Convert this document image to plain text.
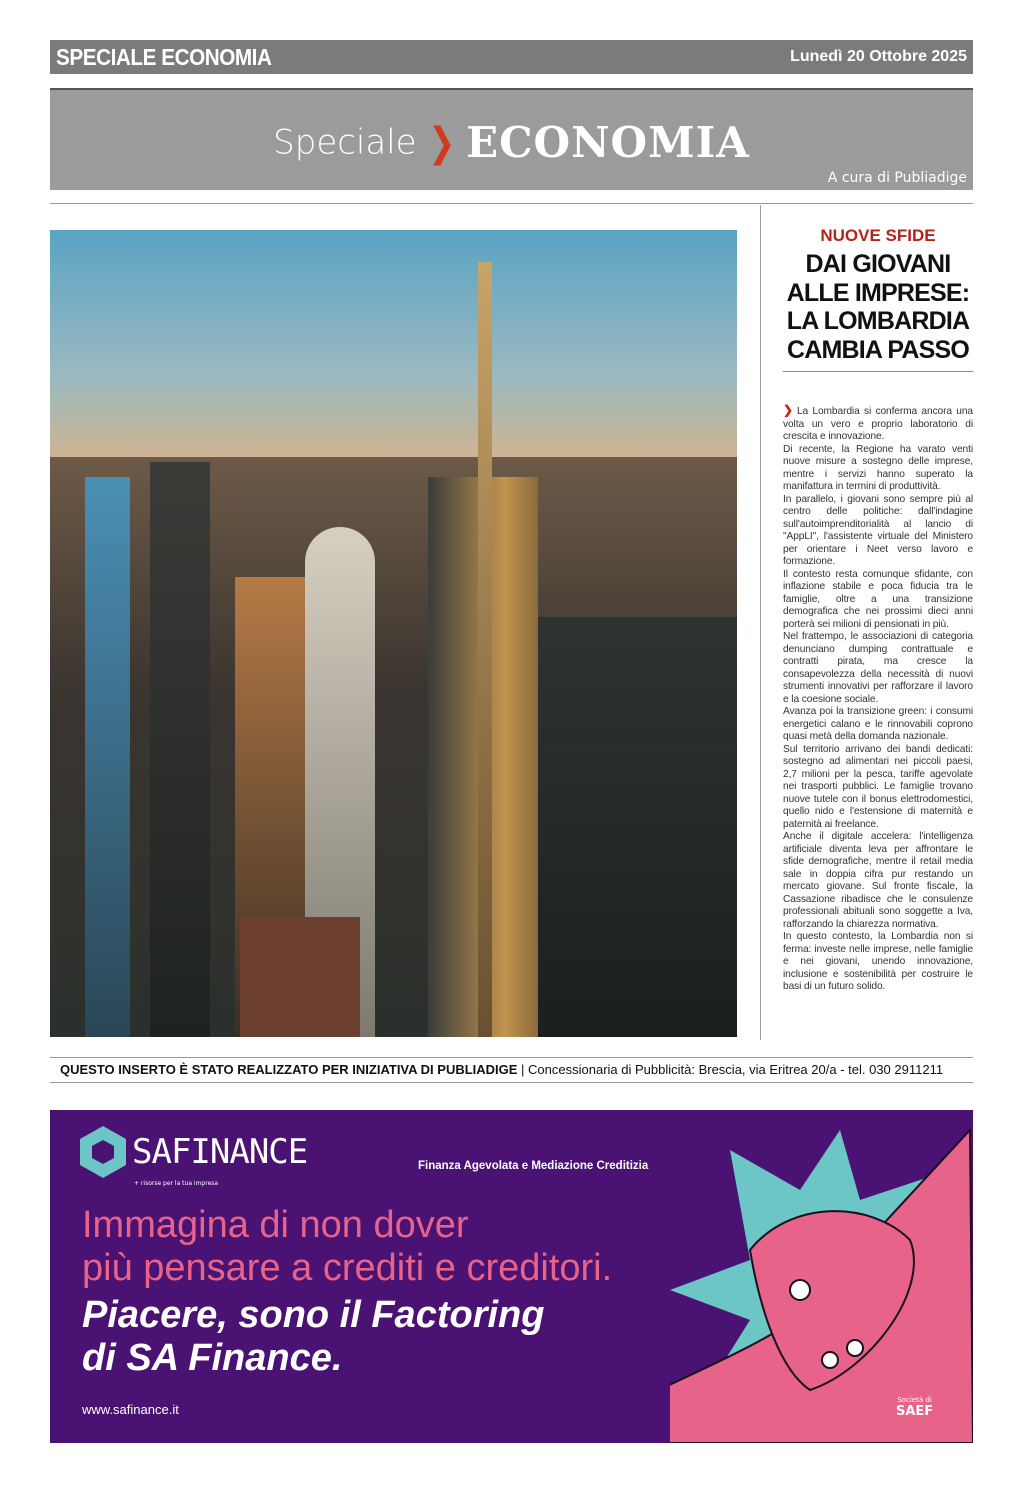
SPECIALE ECONOMIA	Lunedì 20 Ottobre 2025
Speciale ❯ ECONOMIA
A cura di Publiadige
NUOVE SFIDE
DAI GIOVANI ALLE IMPRESE: LA LOMBARDIA CAMBIA PASSO

❯ La Lombardia si conferma ancora una volta un vero e proprio laboratorio di crescita e innovazione.

Di recente, la Regione ha varato venti nuove misure a sostegno delle imprese, mentre i servizi hanno superato la manifattura in termini di produttività.

In parallelo, i giovani sono sempre più al centro delle politiche: dall'indagine sull'autoimprenditorialità al lancio di "AppLI", l'assistente virtuale del Ministero per orientare i Neet verso lavoro e formazione.

Il contesto resta comunque sfidante, con inflazione stabile e poca fiducia tra le famiglie, oltre a una transizione demografica che nei prossimi dieci anni porterà sei milioni di pensionati in più.

Nel frattempo, le associazioni di categoria denunciano dumping contrattuale e contratti pirata, ma cresce la consapevolezza della necessità di nuovi strumenti innovativi per rafforzare il lavoro e la coesione sociale.

Avanza poi la transizione green: i consumi energetici calano e le rinnovabili coprono quasi metà della domanda nazionale.

Sul territorio arrivano dei bandi dedicati: sostegno ad alimentari nei piccoli paesi, 2,7 milioni per la pesca, tariffe agevolate nei trasporti pubblici. Le famiglie trovano nuove tutele con il bonus elettrodomestici, quello nido e l'estensione di maternità e paternità ai freelance.

Anche il digitale accelera: l'intelligenza artificiale diventa leva per affrontare le sfide demografiche, mentre il retail media sale in doppia cifra pur restando un mercato giovane. Sul fronte fiscale, la Cassazione ribadisce che le consulenze professionali abituali sono soggette a Iva, rafforzando la chiarezza normativa.

In questo contesto, la Lombardia non si ferma: investe nelle imprese, nelle famiglie e nei giovani, unendo innovazione, inclusione e sostenibilità per costruire le basi di un futuro solido.

QUESTO INSERTO È STATO REALIZZATO PER INIZIATIVA DI PUBLIADIGE | Concessionaria di Pubblicità: Brescia, via Eritrea 20/a - tel. 030 2911211
SAFINANCE
+ risorse per la tua impresa
Finanza Agevolata e Mediazione Creditizia
Immagina di non dover
più pensare a crediti e creditori.
Piacere, sono il Factoring
di SA Finance.
www.safinance.it
Società di
SAEF
